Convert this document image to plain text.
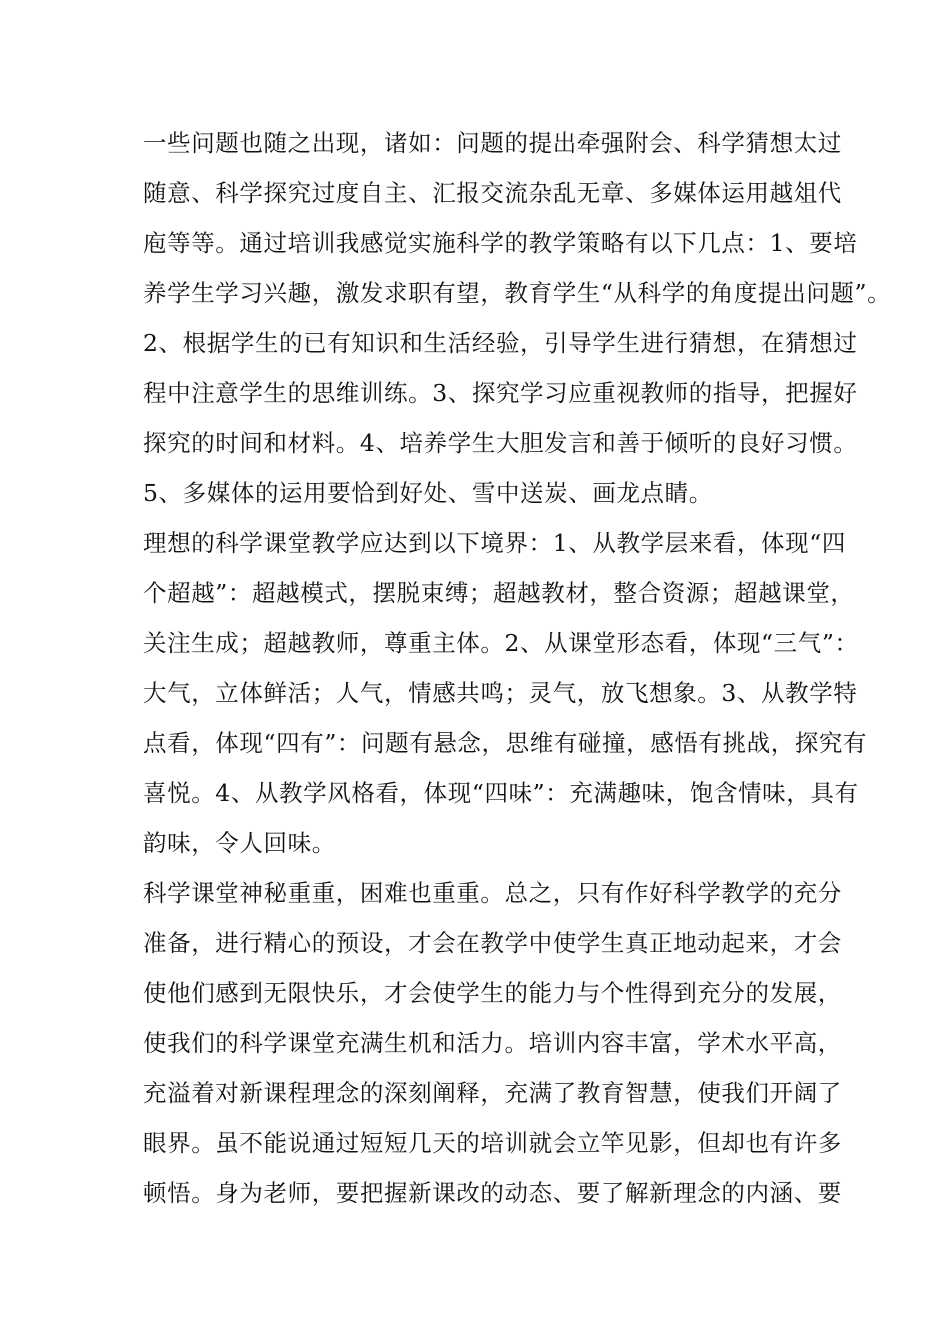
一些问题也随之出现，诸如：问题的提出牵强附会、科学猜想太过
随意、科学探究过度自主、汇报交流杂乱无章、多媒体运用越俎代
庖等等。通过培训我感觉实施科学的教学策略有以下几点：1、要培
养学生学习兴趣，激发求职有望，教育学生“从科学的角度提出问题”。
2、根据学生的已有知识和生活经验，引导学生进行猜想，在猜想过
程中注意学生的思维训练。3、探究学习应重视教师的指导，把握好
探究的时间和材料。4、培养学生大胆发言和善于倾听的良好习惯。
5、多媒体的运用要恰到好处、雪中送炭、画龙点睛。
理想的科学课堂教学应达到以下境界：1、从教学层来看，体现“四
个超越”：超越模式，摆脱束缚；超越教材，整合资源；超越课堂，
关注生成；超越教师，尊重主体。2、从课堂形态看，体现“三气”：
大气，立体鲜活；人气，情感共鸣；灵气，放飞想象。3、从教学特
点看，体现“四有”：问题有悬念，思维有碰撞，感悟有挑战，探究有
喜悦。4、从教学风格看，体现“四味”：充满趣味，饱含情味，具有
韵味，令人回味。
科学课堂神秘重重，困难也重重。总之，只有作好科学教学的充分
准备，进行精心的预设，才会在教学中使学生真正地动起来，才会
使他们感到无限快乐，才会使学生的能力与个性得到充分的发展，
使我们的科学课堂充满生机和活力。培训内容丰富，学术水平高，
充溢着对新课程理念的深刻阐释，充满了教育智慧，使我们开阔了
眼界。虽不能说通过短短几天的培训就会立竿见影，但却也有许多
顿悟。身为老师，要把握新课改的动态、要了解新理念的内涵、要
